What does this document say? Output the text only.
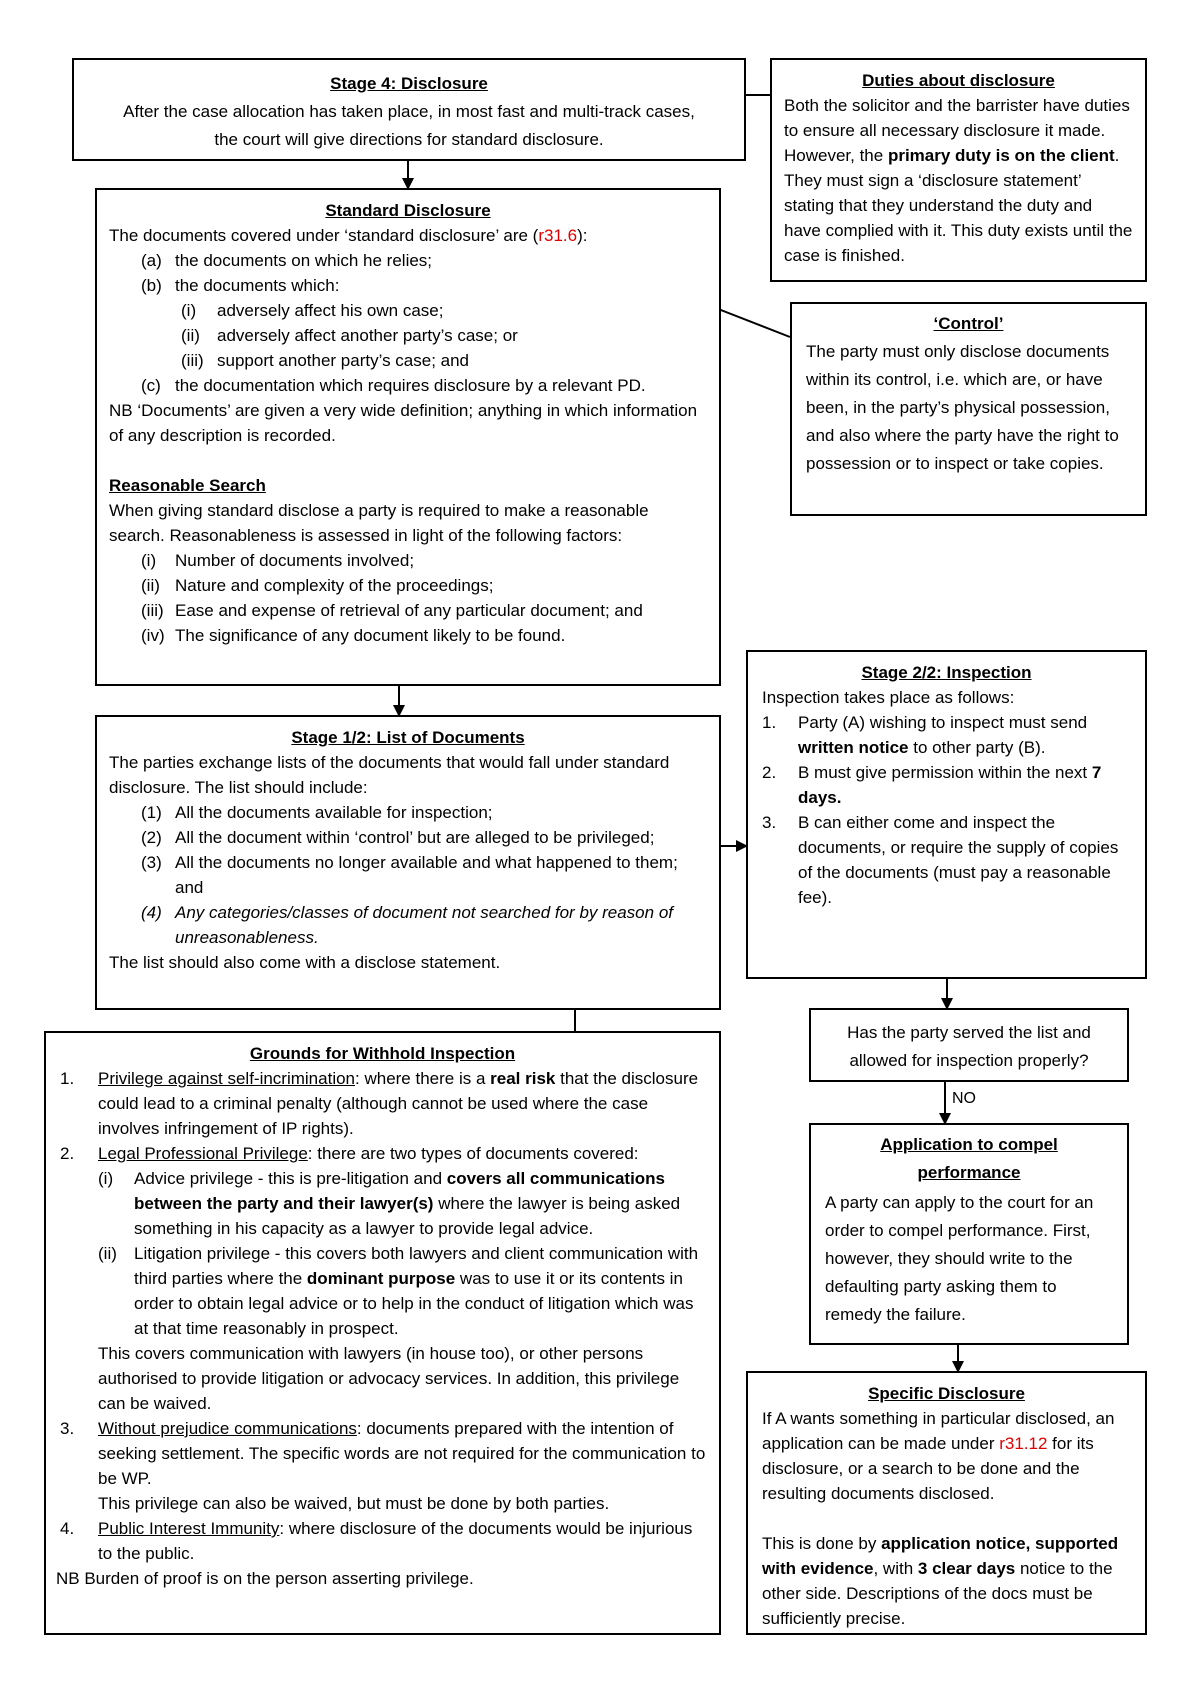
Stage 4: Disclosure
After the case allocation has taken place, in most fast and multi-track cases,
the court will give directions for standard disclosure.
Duties about disclosure
Both the solicitor and the barrister have duties to ensure all necessary disclosure it made. However, the primary duty is on the client. They must sign a ‘disclosure statement’ stating that they understand the duty and have complied with it. This duty exists until the case is finished.
Standard Disclosure
The documents covered under ‘standard disclosure’ are (r31.6):
(a) the documents on which he relies;
(b) the documents which:
(i) adversely affect his own case;
(ii) adversely affect another party’s case; or
(iii) support another party’s case; and
(c) the documentation which requires disclosure by a relevant PD.
NB ‘Documents’ are given a very wide definition; anything in which information of any description is recorded.
Reasonable Search
When giving standard disclose a party is required to make a reasonable search. Reasonableness is assessed in light of the following factors:
(i) Number of documents involved;
(ii) Nature and complexity of the proceedings;
(iii) Ease and expense of retrieval of any particular document; and
(iv) The significance of any document likely to be found.
‘Control’
The party must only disclose documents within its control, i.e. which are, or have been, in the party’s physical possession, and also where the party have the right to possession or to inspect or take copies.
Stage 1/2: List of Documents
The parties exchange lists of the documents that would fall under standard disclosure. The list should include:
(1) All the documents available for inspection;
(2) All the document within ‘control’ but are alleged to be privileged;
(3) All the documents no longer available and what happened to them; and
(4) Any categories/classes of document not searched for by reason of unreasonableness.
The list should also come with a disclose statement.
Stage 2/2: Inspection
Inspection takes place as follows:
1. Party (A) wishing to inspect must send written notice to other party (B).
2. B must give permission within the next 7 days.
3. B can either come and inspect the documents, or require the supply of copies of the documents (must pay a reasonable fee).
Has the party served the list and
allowed for inspection properly?
NO
Application to compel
performance
A party can apply to the court for an order to compel performance. First, however, they should write to the defaulting party asking them to remedy the failure.
Specific Disclosure
If A wants something in particular disclosed, an application can be made under r31.12 for its disclosure, or a search to be done and the resulting documents disclosed.
This is done by application notice, supported with evidence, with 3 clear days notice to the other side. Descriptions of the docs must be sufficiently precise.
Grounds for Withhold Inspection
1. Privilege against self-incrimination: where there is a real risk that the disclosure could lead to a criminal penalty (although cannot be used where the case involves infringement of IP rights).
2. Legal Professional Privilege: there are two types of documents covered:
(i) Advice privilege - this is pre-litigation and covers all communications between the party and their lawyer(s) where the lawyer is being asked something in his capacity as a lawyer to provide legal advice.
(ii) Litigation privilege - this covers both lawyers and client communication with third parties where the dominant purpose was to use it or its contents in order to obtain legal advice or to help in the conduct of litigation which was at that time reasonably in prospect.
This covers communication with lawyers (in house too), or other persons authorised to provide litigation or advocacy services. In addition, this privilege can be waived.
3. Without prejudice communications: documents prepared with the intention of seeking settlement. The specific words are not required for the communication to be WP.
This privilege can also be waived, but must be done by both parties.
4. Public Interest Immunity: where disclosure of the documents would be injurious to the public.
NB Burden of proof is on the person asserting privilege.
